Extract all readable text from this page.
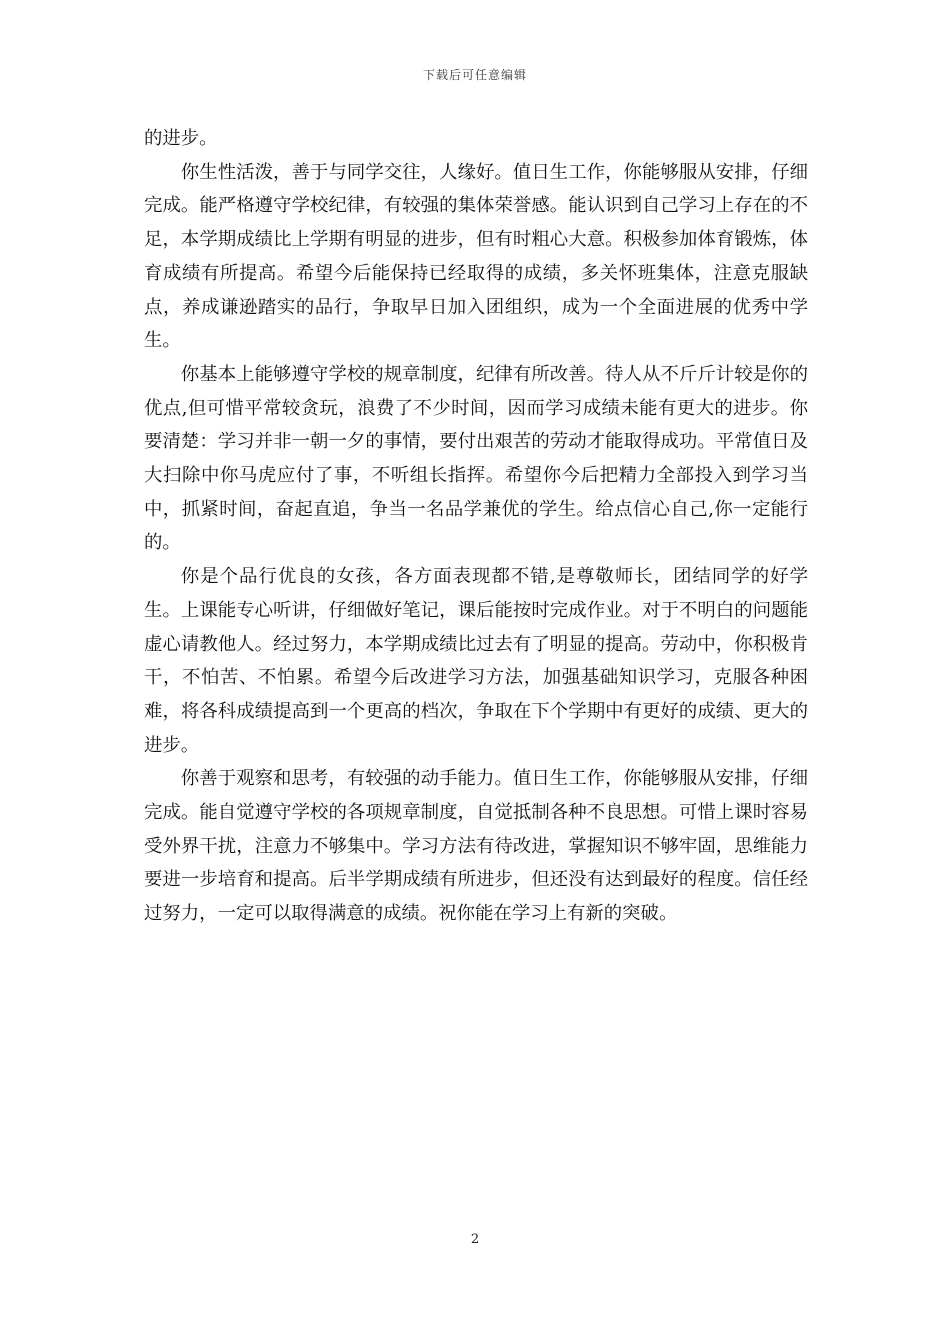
下载后可任意编辑

的进步。

你生性活泼，善于与同学交往，人缘好。值日生工作，你能够服从安排，仔细完成。能严格遵守学校纪律，有较强的集体荣誉感。能认识到自己学习上存在的不足，本学期成绩比上学期有明显的进步，但有时粗心大意。积极参加体育锻炼，体育成绩有所提高。希望今后能保持已经取得的成绩，多关怀班集体，注意克服缺点，养成谦逊踏实的品行，争取早日加入团组织，成为一个全面进展的优秀中学生。

你基本上能够遵守学校的规章制度，纪律有所改善。待人从不斤斤计较是你的优点,但可惜平常较贪玩，浪费了不少时间，因而学习成绩未能有更大的进步。你要清楚：学习并非一朝一夕的事情，要付出艰苦的劳动才能取得成功。平常值日及大扫除中你马虎应付了事，不听组长指挥。希望你今后把精力全部投入到学习当中，抓紧时间，奋起直追，争当一名品学兼优的学生。给点信心自己,你一定能行的。

你是个品行优良的女孩，各方面表现都不错,是尊敬师长，团结同学的好学生。上课能专心听讲，仔细做好笔记，课后能按时完成作业。对于不明白的问题能虚心请教他人。经过努力，本学期成绩比过去有了明显的提高。劳动中，你积极肯干，不怕苦、不怕累。希望今后改进学习方法，加强基础知识学习，克服各种困难，将各科成绩提高到一个更高的档次，争取在下个学期中有更好的成绩、更大的进步。

你善于观察和思考，有较强的动手能力。值日生工作，你能够服从安排，仔细完成。能自觉遵守学校的各项规章制度，自觉抵制各种不良思想。可惜上课时容易受外界干扰，注意力不够集中。学习方法有待改进，掌握知识不够牢固，思维能力要进一步培育和提高。后半学期成绩有所进步，但还没有达到最好的程度。信任经过努力，一定可以取得满意的成绩。祝你能在学习上有新的突破。

2
